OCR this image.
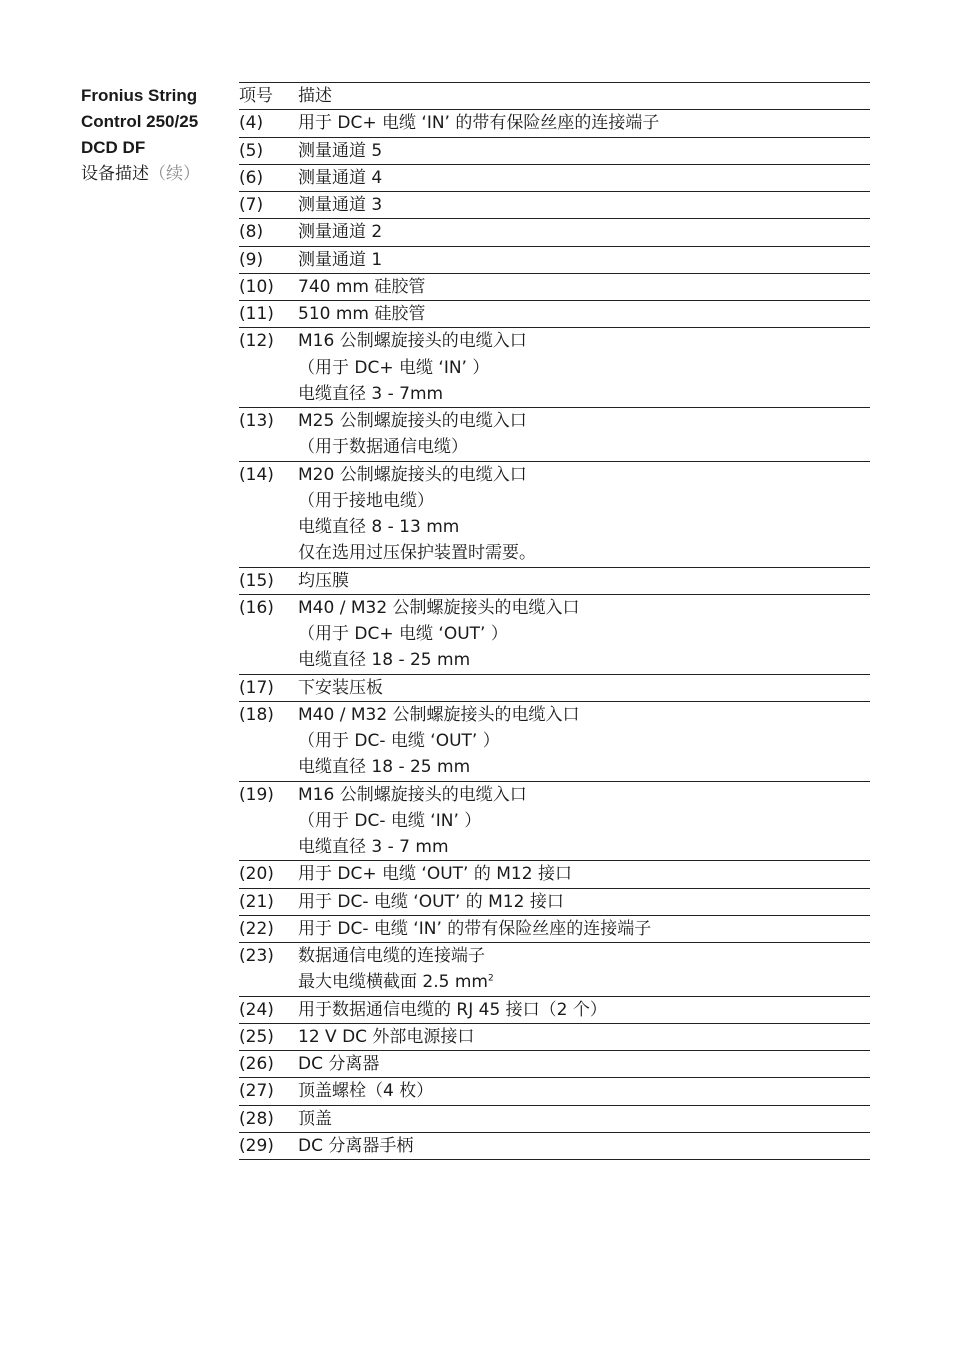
Fronius String

Control 250/25

DCD DF

设备描述（续）
项号	描述
(4)	用于 DC+ 电缆 ‘IN’ 的带有保险丝座的连接端子
(5)	测量通道 5
(6)	测量通道 4
(7)	测量通道 3
(8)	测量通道 2
(9)	测量通道 1
(10)	740 mm 硅胶管
(11)	510 mm 硅胶管
(12)	M16 公制螺旋接头的电缆入口
（用于 DC+ 电缆 ‘IN’ ）
电缆直径 3 - 7mm
(13)	M25 公制螺旋接头的电缆入口
（用于数据通信电缆）
(14)	M20 公制螺旋接头的电缆入口
（用于接地电缆）
电缆直径 8 - 13 mm
仅在选用过压保护装置时需要。
(15)	均压膜
(16)	M40 / M32 公制螺旋接头的电缆入口
（用于 DC+ 电缆 ‘OUT’ ）
电缆直径 18 - 25 mm
(17)	下安装压板
(18)	M40 / M32 公制螺旋接头的电缆入口
（用于 DC- 电缆 ‘OUT’ ）
电缆直径 18 - 25 mm
(19)	M16 公制螺旋接头的电缆入口
（用于 DC- 电缆 ‘IN’ ）
电缆直径 3 - 7 mm
(20)	用于 DC+ 电缆 ‘OUT’ 的 M12 接口
(21)	用于 DC- 电缆 ‘OUT’ 的 M12 接口
(22)	用于 DC- 电缆 ‘IN’ 的带有保险丝座的连接端子
(23)	数据通信电缆的连接端子
最大电缆横截面 2.5 $mm^2$
(24)	用于数据通信电缆的 RJ 45 接口（2 个）
(25)	12 V DC 外部电源接口
(26)	DC 分离器
(27)	顶盖螺栓（4 枚）
(28)	顶盖
(29)	DC 分离器手柄
